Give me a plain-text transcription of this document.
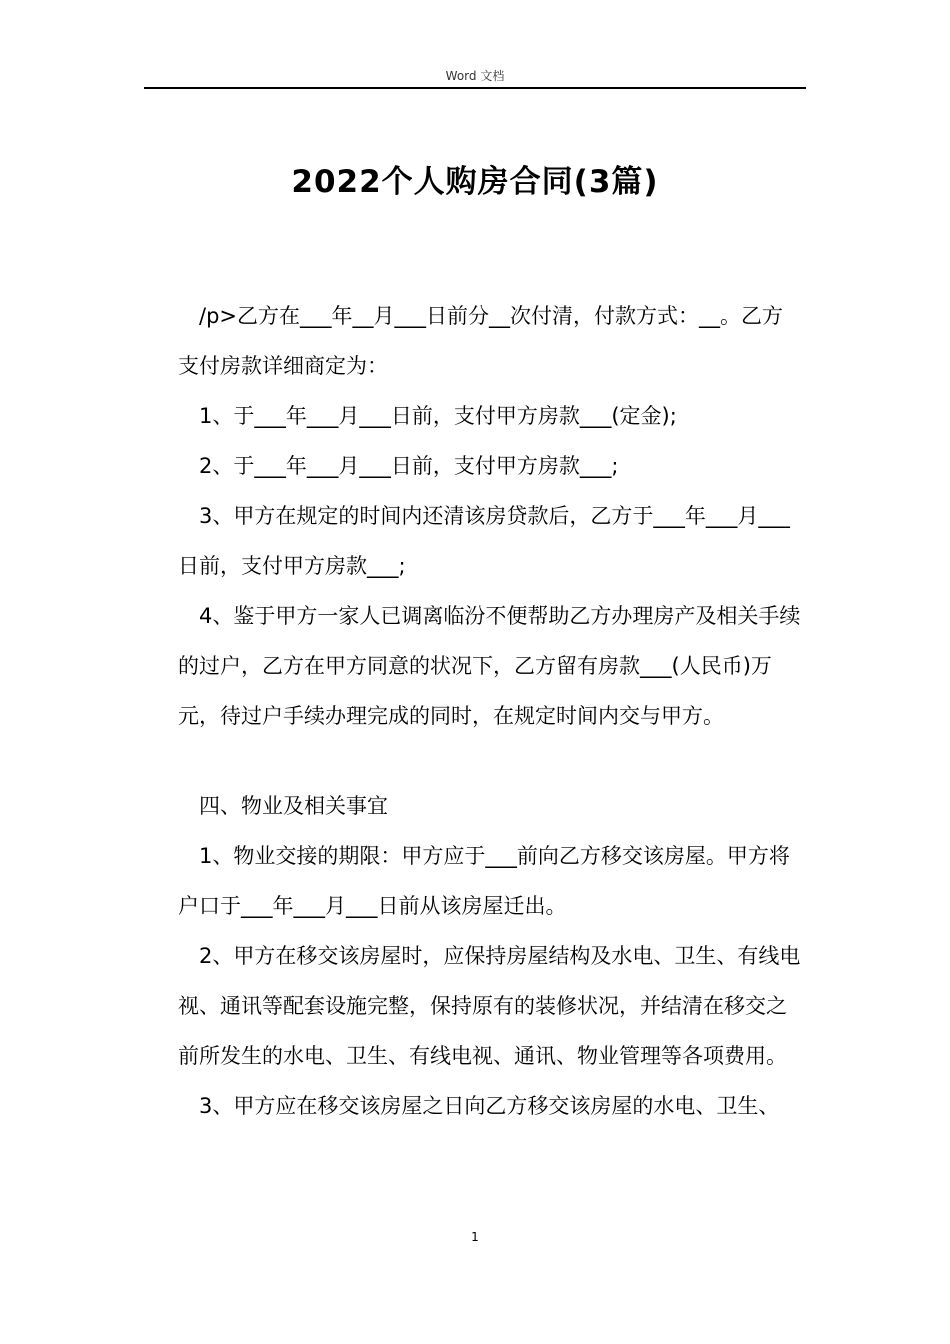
Word 文档
2022个人购房合同(3篇)

/p>乙方在___年__月___日前分__次付清，付款方式：__。乙方支付房款详细商定为：

1、于___年___月___日前，支付甲方房款___(定金);

2、于___年___月___日前，支付甲方房款___;

3、甲方在规定的时间内还清该房贷款后，乙方于___年___月___日前，支付甲方房款___;

4、鉴于甲方一家人已调离临汾不便帮助乙方办理房产及相关手续的过户，乙方在甲方同意的状况下，乙方留有房款___(人民币)万元，待过户手续办理完成的同时，在规定时间内交与甲方。

四、物业及相关事宜

1、物业交接的期限：甲方应于___前向乙方移交该房屋。甲方将户口于___年___月___日前从该房屋迁出。

2、甲方在移交该房屋时，应保持房屋结构及水电、卫生、有线电视、通讯等配套设施完整，保持原有的装修状况，并结清在移交之前所发生的水电、卫生、有线电视、通讯、物业管理等各项费用。

3、甲方应在移交该房屋之日向乙方移交该房屋的水电、卫生、

1
